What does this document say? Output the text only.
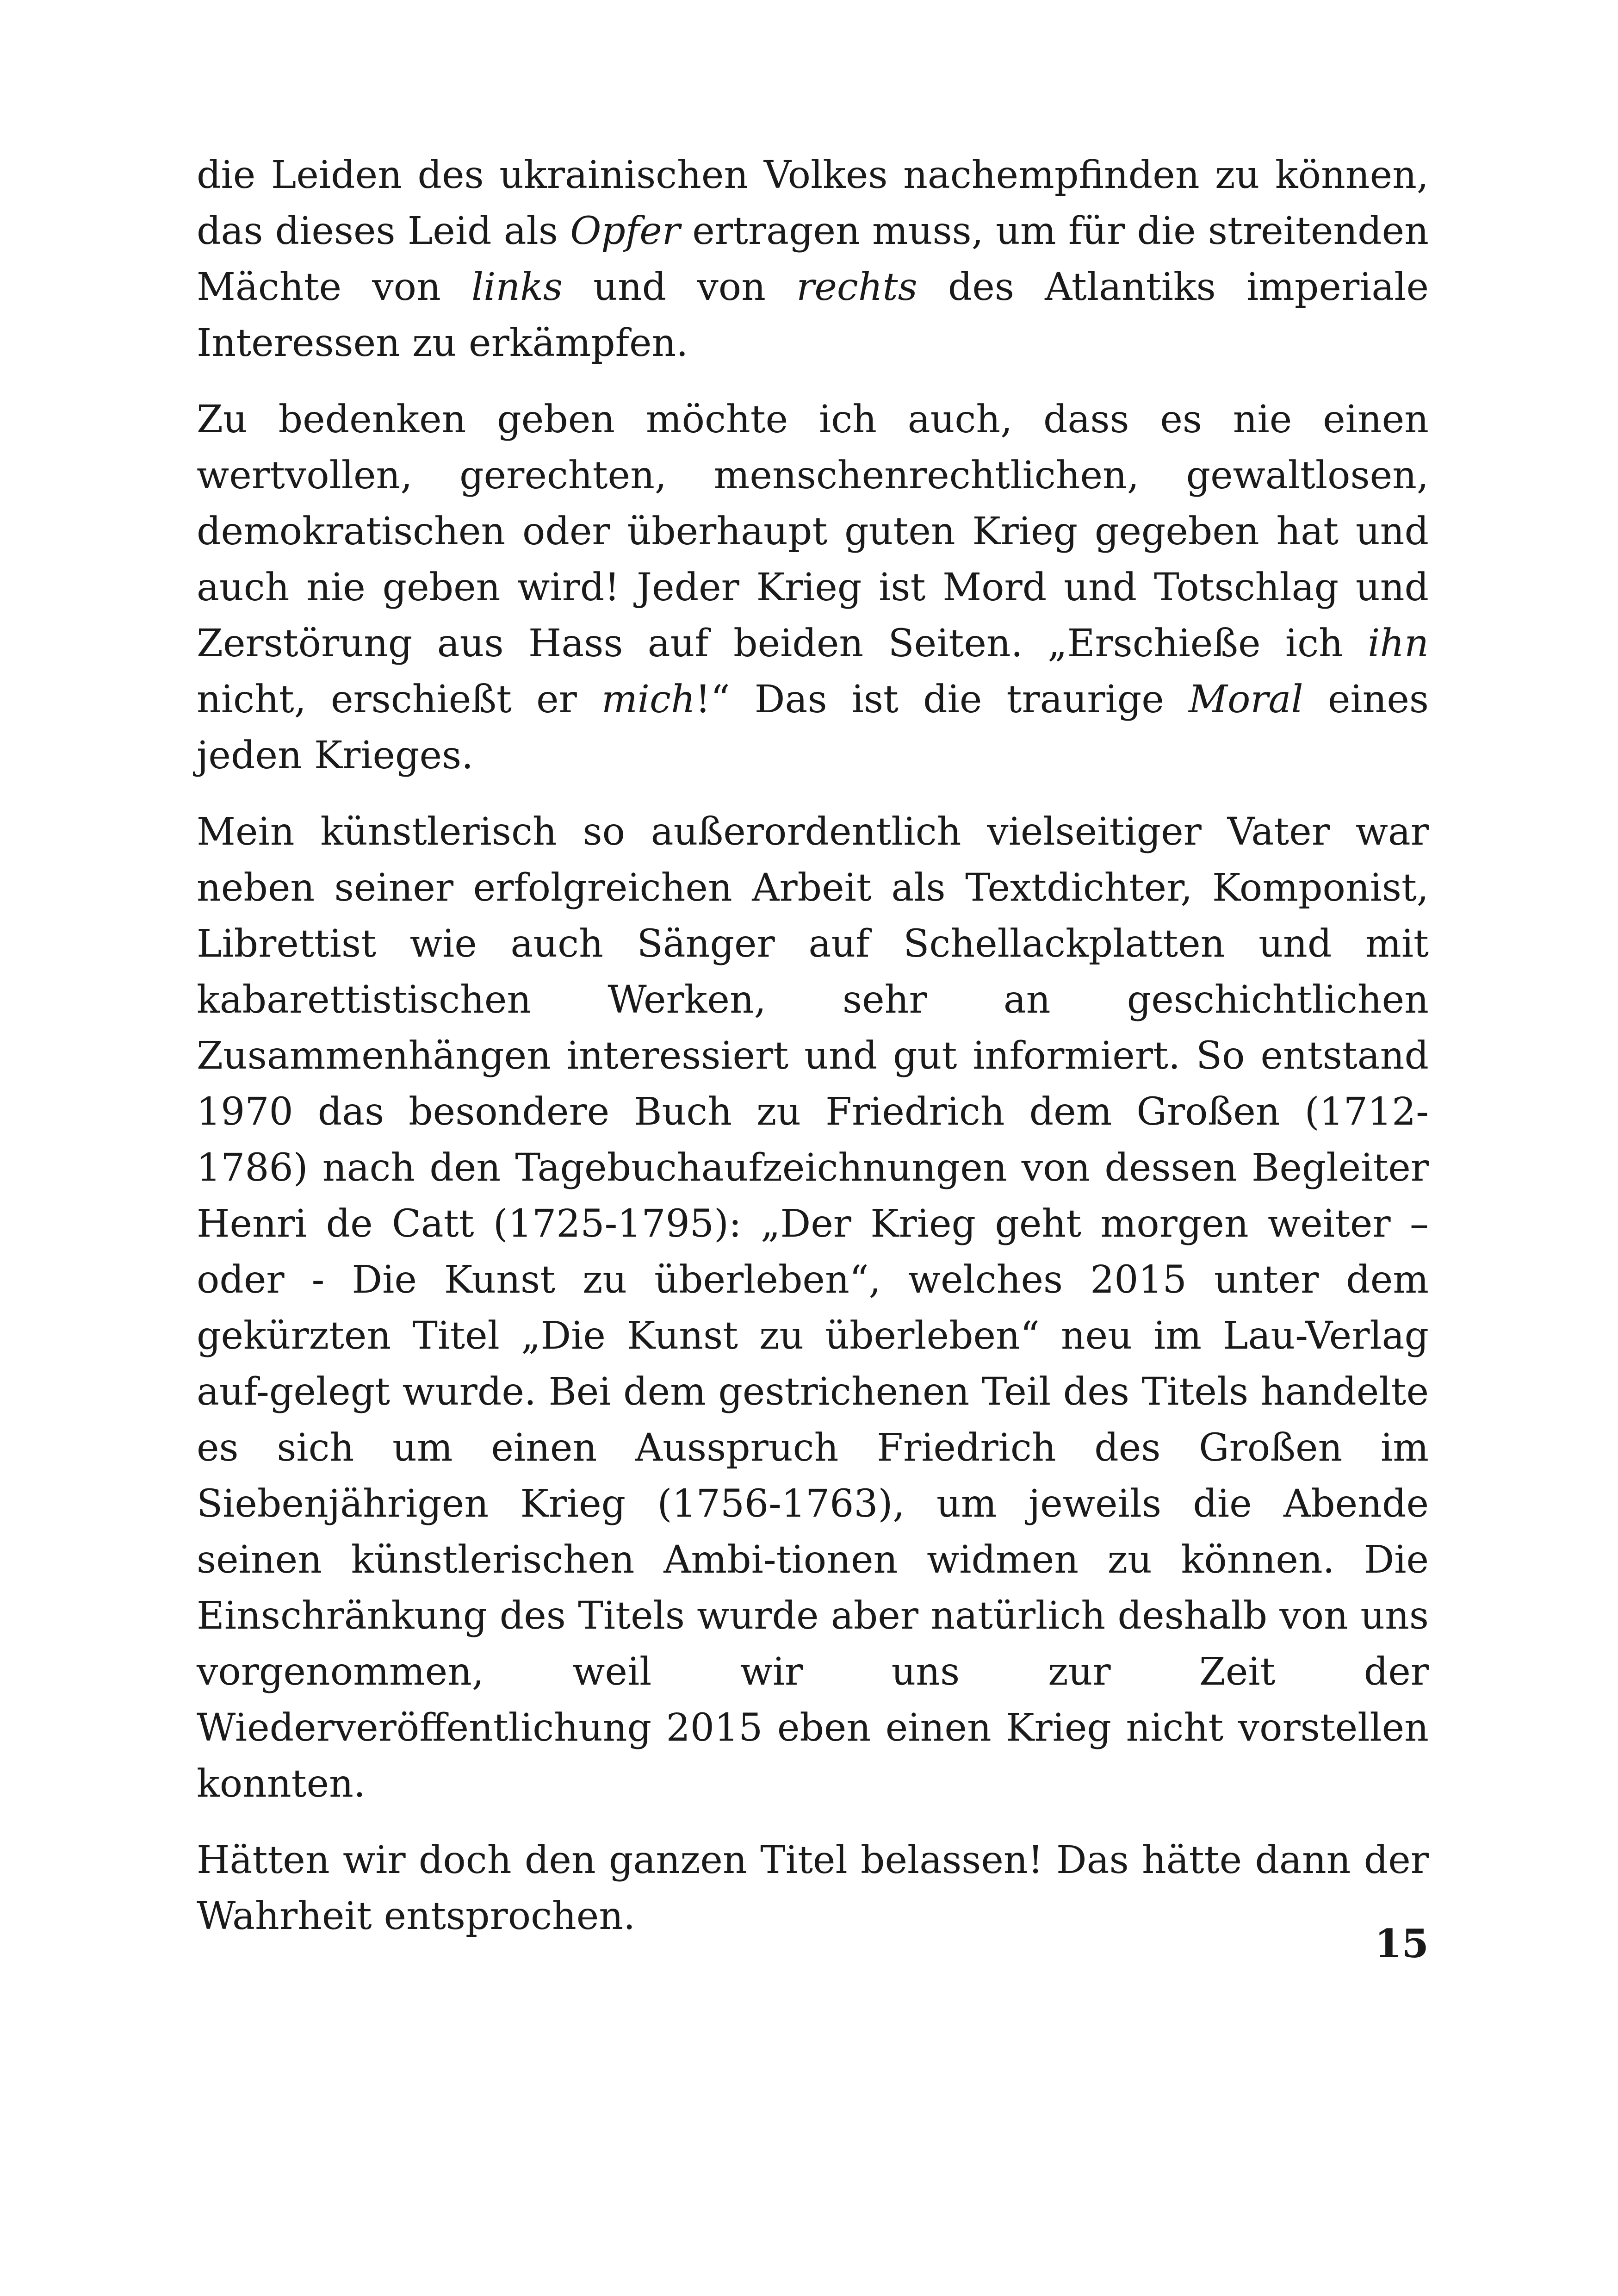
die Leiden des ukrainischen Volkes nachempfinden zu können, das dieses Leid als Opfer ertragen muss, um für die streitenden Mächte von links und von rechts des Atlantiks imperiale Interessen zu erkämpfen.

Zu bedenken geben möchte ich auch, dass es nie einen wertvollen, gerechten, menschenrechtlichen, gewaltlosen, demokratischen oder überhaupt guten Krieg gegeben hat und auch nie geben wird! Jeder Krieg ist Mord und Totschlag und Zerstörung aus Hass auf beiden Seiten. „Erschieße ich ihn nicht, erschießt er mich!“ Das ist die traurige Moral eines jeden Krieges.

Mein künstlerisch so außerordentlich vielseitiger Vater war neben seiner erfolgreichen Arbeit als Textdichter, Komponist, Librettist wie auch Sänger auf Schellackplatten und mit kabarettistischen Werken, sehr an geschichtlichen Zusammenhängen interessiert und gut informiert. So entstand 1970 das besondere Buch zu Friedrich dem Großen (1712-1786) nach den Tagebuchaufzeichnungen von dessen Begleiter Henri de Catt (1725-1795): „Der Krieg geht morgen weiter – oder - Die Kunst zu überleben“, welches 2015 unter dem gekürzten Titel „Die Kunst zu überleben“ neu im Lau-Verlag auf-gelegt wurde. Bei dem gestrichenen Teil des Titels handelte es sich um einen Ausspruch Friedrich des Großen im Siebenjährigen Krieg (1756-1763), um jeweils die Abende seinen künstlerischen Ambi-tionen widmen zu können. Die Einschränkung des Titels wurde aber natürlich deshalb von uns vorgenommen, weil wir uns zur Zeit der Wiederveröffentlichung 2015 eben einen Krieg nicht vorstellen konnten.

Hätten wir doch den ganzen Titel belassen! Das hätte dann der Wahrheit entsprochen.

15
